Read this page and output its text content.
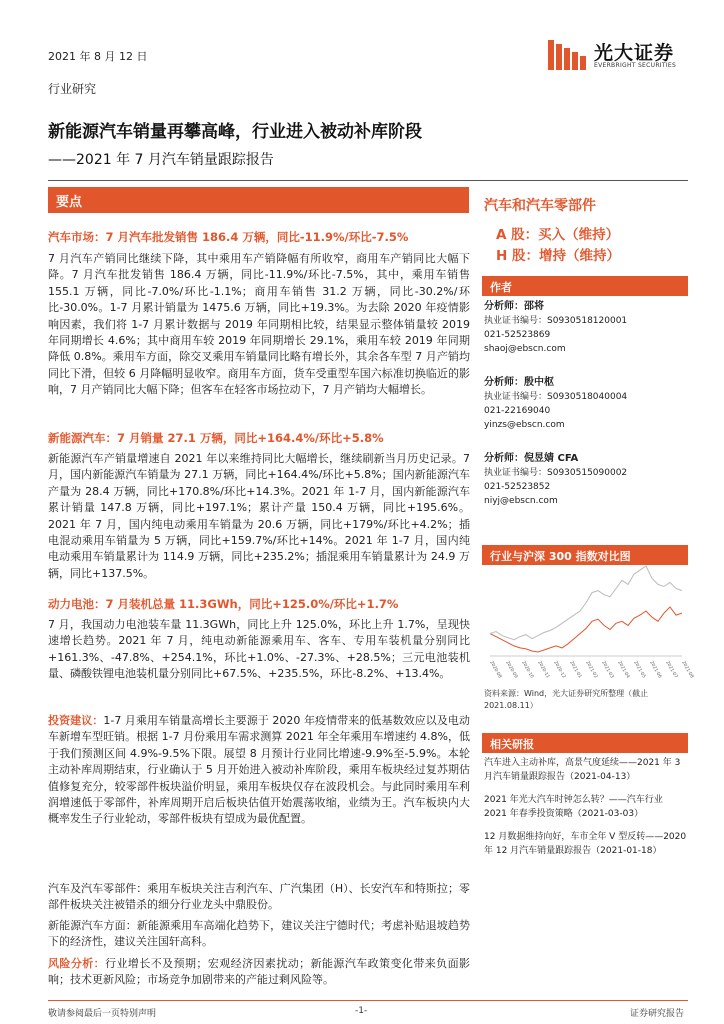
2021 年 8 月 12 日	光大证券
EVERBRIGHT SECURITIES
行业研究
新能源汽车销量再攀高峰，行业进入被动补库阶段
——2021 年 7 月汽车销量跟踪报告
要点
汽车市场：7 月汽车批发销售 186.4 万辆，同比-11.9%/环比-7.5%
7 月汽车产销同比继续下降，其中乘用车产销降幅有所收窄，商用车产销同比大幅下降。7 月汽车批发销售 186.4 万辆，同比-11.9%/环比-7.5%，其中，乘用车销售 155.1 万辆，同比-7.0%/环比-1.1%；商用车销售 31.2 万辆，同比-30.2%/环比-30.0%。1-7 月累计销量为 1475.6 万辆，同比+19.3%。为去除 2020 年疫情影响因素，我们将 1-7 月累计数据与 2019 年同期相比较，结果显示整体销量较 2019 年同期增长 4.6%；其中商用车较 2019 年同期增长 29.1%，乘用车较 2019 年同期降低 0.8%。乘用车方面，除交叉乘用车销量同比略有增长外，其余各车型 7 月产销均同比下滑，但较 6 月降幅明显收窄。商用车方面，货车受重型车国六标准切换临近的影响，7 月产销同比大幅下降；但客车在轻客市场拉动下，7 月产销均大幅增长。
新能源汽车：7 月销量 27.1 万辆，同比+164.4%/环比+5.8%
新能源汽车产销量增速自 2021 年以来维持同比大幅增长，继续刷新当月历史记录。7 月，国内新能源汽车销量为 27.1 万辆，同比+164.4%/环比+5.8%；国内新能源汽车产量为 28.4 万辆，同比+170.8%/环比+14.3%。2021 年 1-7 月，国内新能源汽车累计销量 147.8 万辆，同比+197.1%；累计产量 150.4 万辆，同比+195.6%。2021 年 7 月，国内纯电动乘用车销量为 20.6 万辆，同比+179%/环比+4.2%；插电混动乘用车销量为 5 万辆，同比+159.7%/环比+14%。2021 年 1-7 月，国内纯电动乘用车销量累计为 114.9 万辆，同比+235.2%；插混乘用车销量累计为 24.9 万辆，同比+137.5%。
动力电池：7 月装机总量 11.3GWh，同比+125.0%/环比+1.7%
7 月，我国动力电池装车量 11.3GWh，同比上升 125.0%，环比上升 1.7%，呈现快速增长趋势。2021 年 7 月，纯电动新能源乘用车、客车、专用车装机量分别同比+161.3%、-47.8%、+254.1%，环比+1.0%、-27.3%、+28.5%；三元电池装机量、磷酸铁锂电池装机量分别同比+67.5%、+235.5%，环比-8.2%、+13.4%。
投资建议：1-7 月乘用车销量高增长主要源于 2020 年疫情带来的低基数效应以及电动车新增车型旺销。根据 1-7 月份乘用车需求测算 2021 年全年乘用车增速约 4.8%，低于我们预测区间 4.9%-9.5%下限。展望 8 月预计行业同比增速-9.9%至-5.9%。本轮主动补库周期结束，行业确认于 5 月开始进入被动补库阶段，乘用车板块经过复苏期估值修复充分，较零部件板块溢价明显，乘用车板块仅存在波段机会。与此同时乘用车利润增速低于零部件，补库周期开启后板块估值开始震荡收缩，业绩为王。汽车板块内大概率发生子行业轮动，零部件板块有望成为最优配置。
汽车及汽车零部件：乘用车板块关注吉利汽车、广汽集团（H）、长安汽车和特斯拉；零部件板块关注被错杀的细分行业龙头中鼎股份。
新能源汽车方面：新能源乘用车高端化趋势下，建议关注宁德时代；考虑补贴退坡趋势下的经济性，建议关注国轩高科。
风险分析：行业增长不及预期；宏观经济因素扰动；新能源汽车政策变化带来负面影响；技术更新风险；市场竞争加剧带来的产能过剩风险等。
汽车和汽车零部件
A 股：买入（维持）
H 股：增持（维持）
作者
分析师：邵将
执业证书编号：S0930518120001
021-52523869
shaoj@ebscn.com
分析师：殷中枢
执业证书编号：S0930518040004
021-22169040
yinzs@ebscn.com
分析师：倪昱婧 CFA
执业证书编号：S0930515090002
021-52523852
niyj@ebscn.com
行业与沪深 300 指数对比图
2020-08 2020-09 2020-10 2020-11 2020-12 2021-01 2021-02 2021-03 2021-04 2021-05 2021-06 2021-07 2021-08
资料来源：Wind，光大证券研究所整理（截止 2021.08.11）
相关研报
汽车进入主动补库，高景气度延续——2021 年 3 月汽车销量跟踪报告（2021-04-13）
2021 年光大汽车时钟怎么转？——汽车行业 2021 年春季投资策略（2021-03-03）
12 月数据维持向好，车市全年 V 型反转——2020 年 12 月汽车销量跟踪报告（2021-01-18）
敬请参阅最后一页特别声明	-1-	证券研究报告
